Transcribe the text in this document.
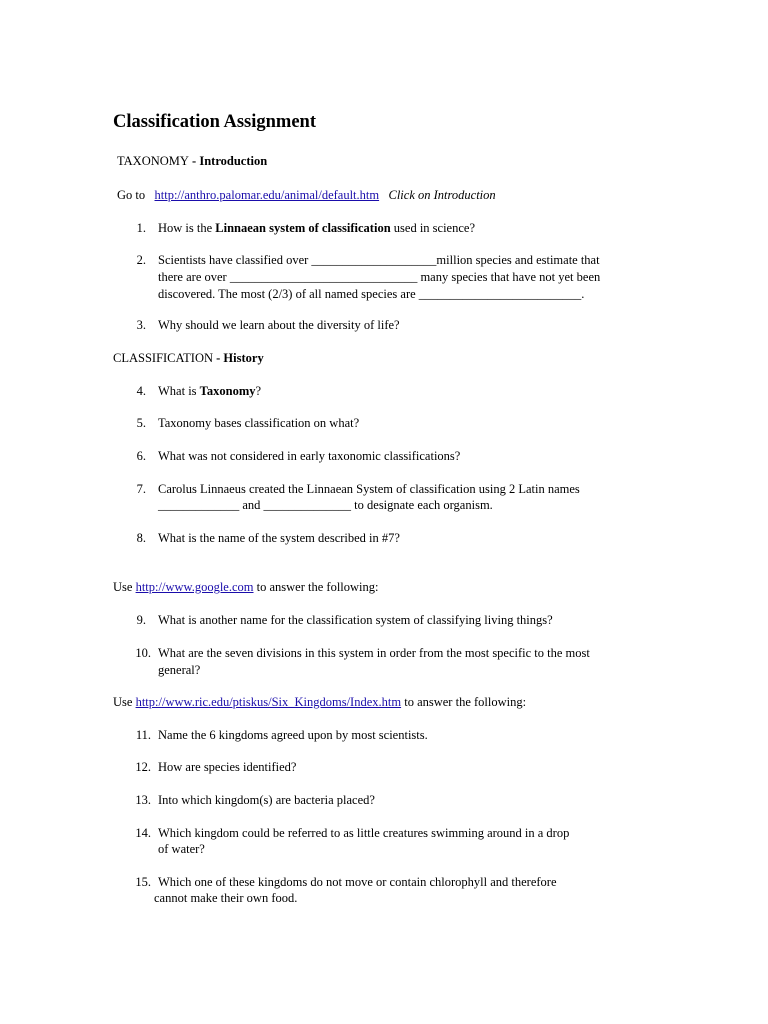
Classification Assignment
TAXONOMY - Introduction
Go to http://anthro.palomar.edu/animal/default.htm Click on Introduction
1. How is the Linnaean system of classification used in science?
2. Scientists have classified over ____________________million species and estimate that
there are over ______________________________ many species that have not yet been
discovered. The most (2/3) of all named species are __________________________.
3. Why should we learn about the diversity of life?
CLASSIFICATION - History
4. What is Taxonomy?
5. Taxonomy bases classification on what?
6. What was not considered in early taxonomic classifications?
7. Carolus Linnaeus created the Linnaean System of classification using 2 Latin names
_____________ and ______________ to designate each organism.
8. What is the name of the system described in #7?
Use http://www.google.com to answer the following:
9. What is another name for the classification system of classifying living things?
10. What are the seven divisions in this system in order from the most specific to the most
general?
Use http://www.ric.edu/ptiskus/Six_Kingdoms/Index.htm to answer the following:
11. Name the 6 kingdoms agreed upon by most scientists.
12. How are species identified?
13. Into which kingdom(s) are bacteria placed?
14. Which kingdom could be referred to as little creatures swimming around in a drop
of water?
15. Which one of these kingdoms do not move or contain chlorophyll and therefore
cannot make their own food.
